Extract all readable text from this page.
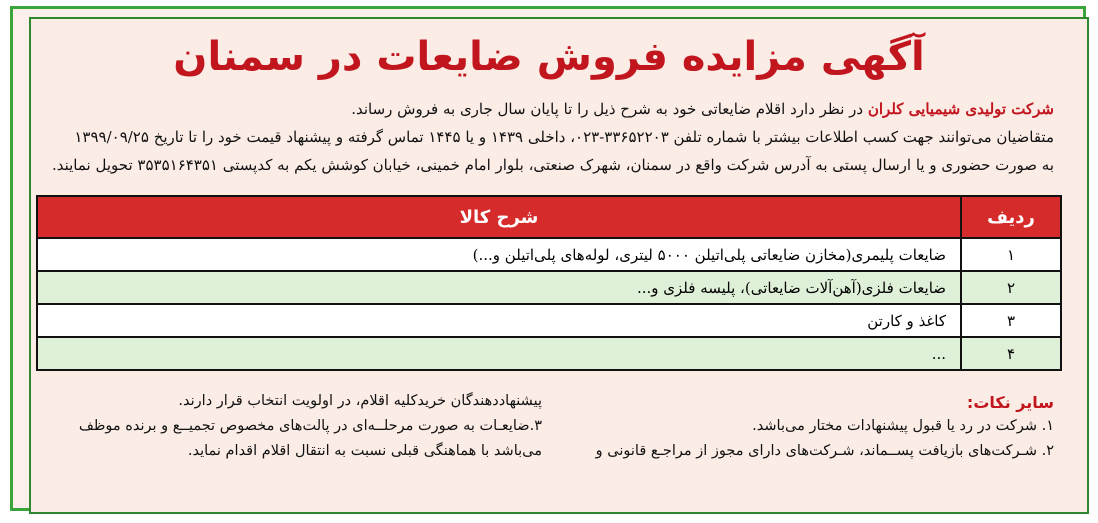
آگهی مزایده فروش ضایعات در سمنان
شرکت تولیدی شیمیایی کلران در نظر دارد اقلام ضایعاتی خود به شرح ذیل را تا پایان سال جاری به فروش رساند.
متقاضیان می‌توانند جهت کسب اطلاعات بیشتر با شماره تلفن ۳۳۶۵۲۲۰۳-۰۲۳، داخلی ۱۴۳۹ و یا ۱۴۴۵ تماس گرفته و پیشنهاد قیمت خود را تا تاریخ ۱۳۹۹/۰۹/۲۵
به صورت حضوری و یا ارسال پستی به آدرس شرکت واقع در سمنان، شهرک صنعتی، بلوار امام خمینی، خیابان کوشش یکم به کدپستی ۳۵۳۵۱۶۴۳۵۱ تحویل نمایند.
ردیف	شرح کالا
۱	ضایعات پلیمری(مخازن ضایعاتی پلی‌اتیلن ۵۰۰۰ لیتری، لوله‌های پلی‌اتیلن و...)
۲	ضایعات فلزی(آهن‌آلات ضایعاتی)، پلیسه فلزی و...
۳	کاغذ و کارتن
۴	...
سایر نکات:
۱. شرکت در رد یا قبول پیشنهادات مختار می‌باشد.
۲. شـرکت‌های بازیافت پســماند، شـرکت‌های دارای مجوز از مراجـع قانونی و
پیشنهاددهندگان خریدکلیه اقلام، در اولویت انتخاب قرار دارند.
۳.ضایعـات به صورت مرحلــه‌ای در پالت‌های مخصوص تجمیــع و برنده موظف
می‌باشد با هماهنگی قبلی نسبت به انتقال اقلام اقدام نماید.
